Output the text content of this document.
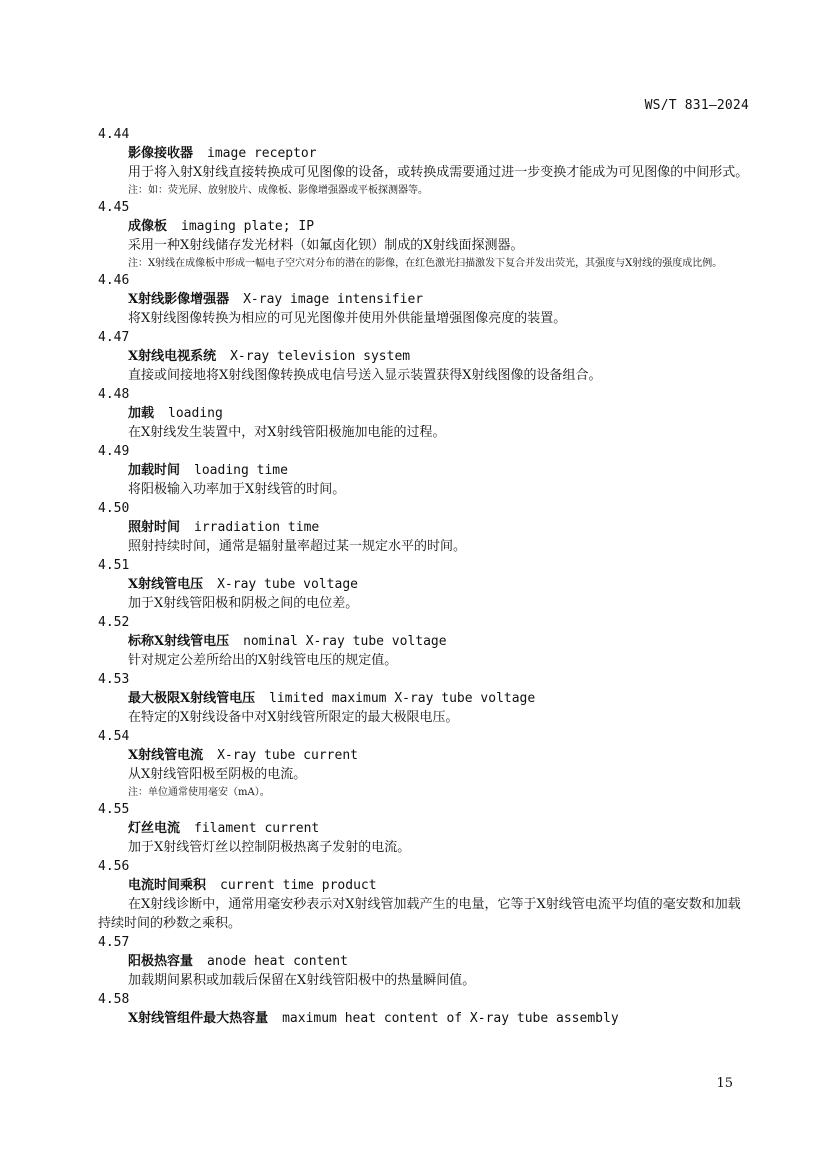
WS/T 831—2024
4.44
影像接收器 image receptor
用于将入射X射线直接转换成可见图像的设备，或转换成需要通过进一步变换才能成为可见图像的中间形式。
注：如：荧光屏、放射胶片、成像板、影像增强器或平板探测器等。
4.45
成像板 imaging plate; IP
采用一种X射线储存发光材料（如氟卤化钡）制成的X射线面探测器。
注：X射线在成像板中形成一幅电子空穴对分布的潜在的影像，在红色激光扫描激发下复合并发出荧光，其强度与X射线的强度成比例。
4.46
X射线影像增强器 X-ray image intensifier
将X射线图像转换为相应的可见光图像并使用外供能量增强图像亮度的装置。
4.47
X射线电视系统 X-ray television system
直接或间接地将X射线图像转换成电信号送入显示装置获得X射线图像的设备组合。
4.48
加载 loading
在X射线发生装置中，对X射线管阳极施加电能的过程。
4.49
加载时间 loading time
将阳极输入功率加于X射线管的时间。
4.50
照射时间 irradiation time
照射持续时间，通常是辐射量率超过某一规定水平的时间。
4.51
X射线管电压 X-ray tube voltage
加于X射线管阳极和阴极之间的电位差。
4.52
标称X射线管电压 nominal X-ray tube voltage
针对规定公差所给出的X射线管电压的规定值。
4.53
最大极限X射线管电压 limited maximum X-ray tube voltage
在特定的X射线设备中对X射线管所限定的最大极限电压。
4.54
X射线管电流 X-ray tube current
从X射线管阳极至阴极的电流。
注：单位通常使用毫安（mA）。
4.55
灯丝电流 filament current
加于X射线管灯丝以控制阴极热离子发射的电流。
4.56
电流时间乘积 current time product
在X射线诊断中，通常用毫安秒表示对X射线管加载产生的电量，它等于X射线管电流平均值的毫安数和加载持续时间的秒数之乘积。
4.57
阳极热容量 anode heat content
加载期间累积或加载后保留在X射线管阳极中的热量瞬间值。
4.58
X射线管组件最大热容量 maximum heat content of X-ray tube assembly
15
